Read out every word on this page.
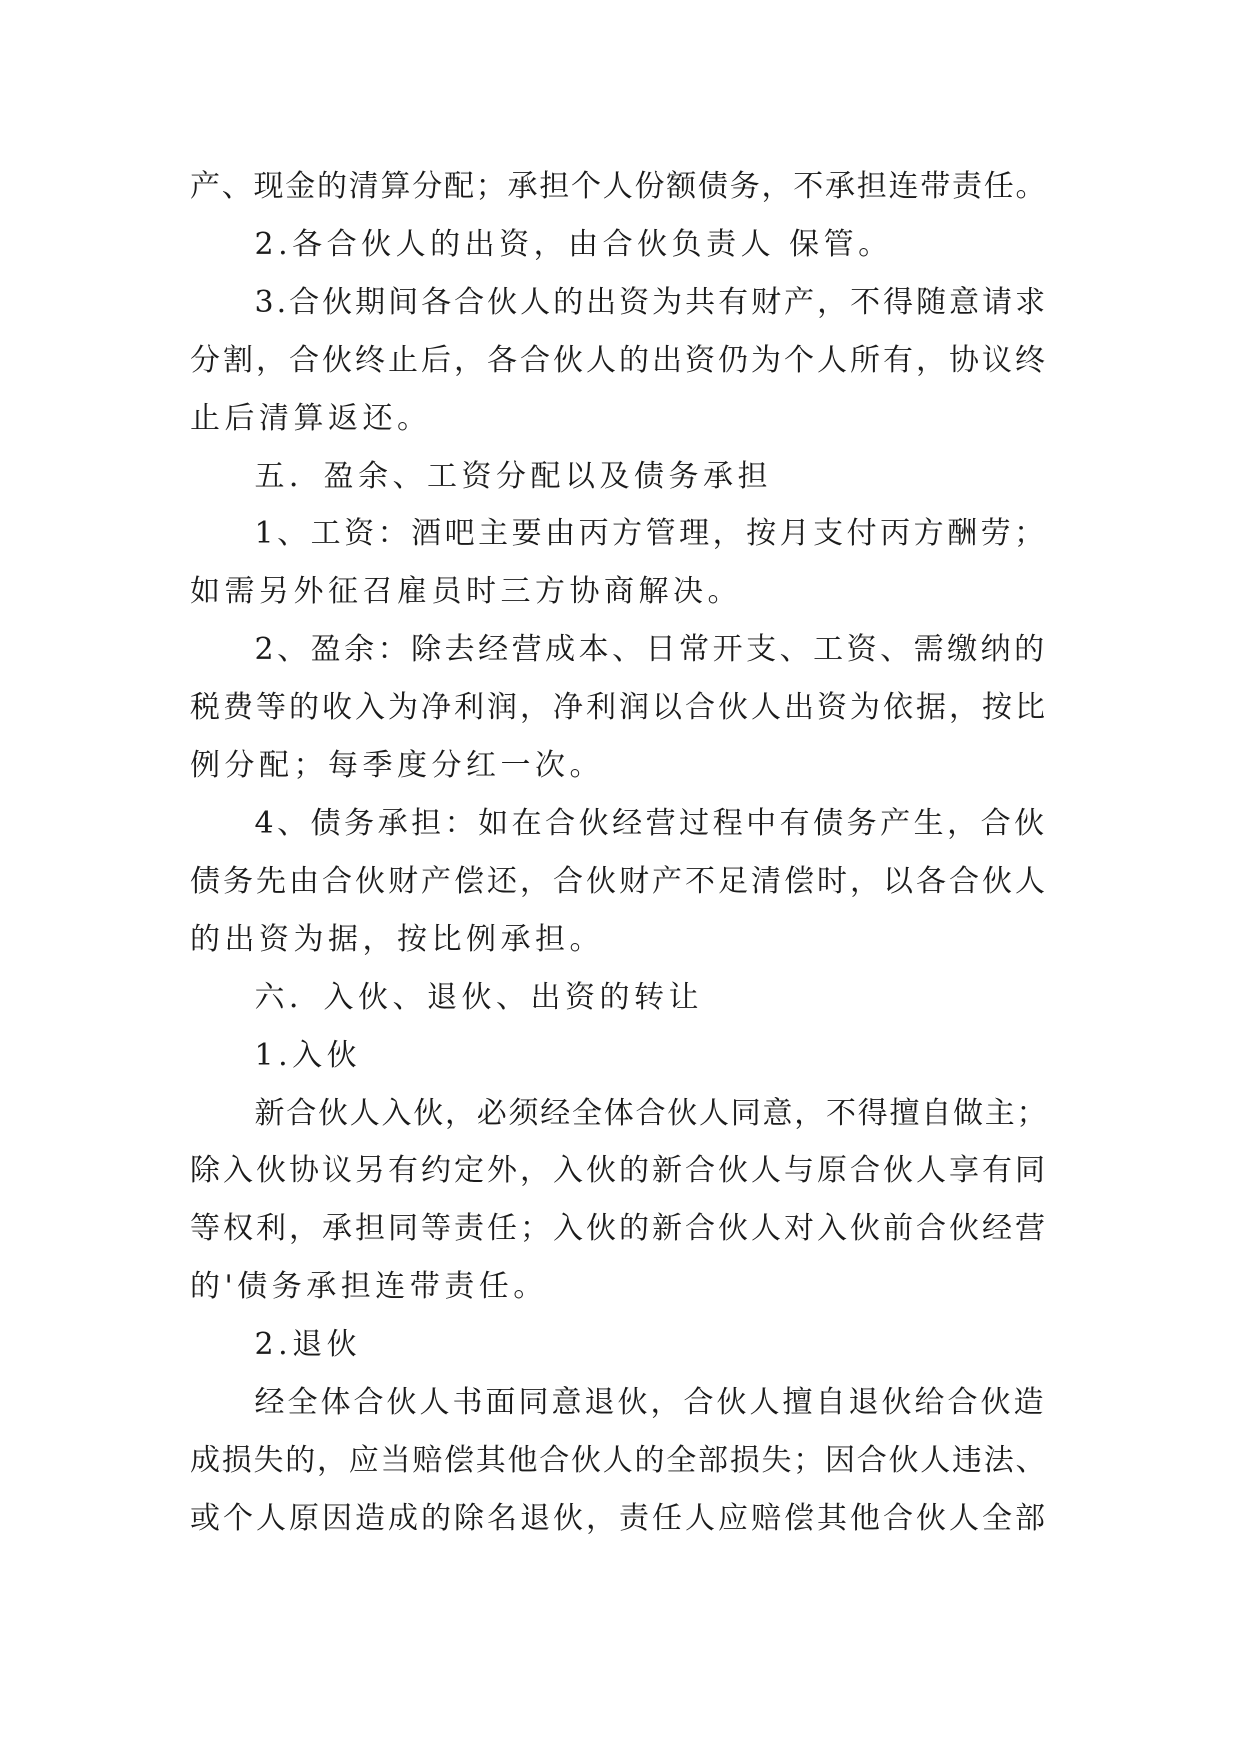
产、现金的清算分配；承担个人份额债务，不承担连带责任。

2.各合伙人的出资，由合伙负责人 保管。

3.合伙期间各合伙人的出资为共有财产，不得随意请求

分割，合伙终止后，各合伙人的出资仍为个人所有，协议终

止后清算返还。

五．盈余、工资分配以及债务承担

1、工资：酒吧主要由丙方管理，按月支付丙方酬劳；

如需另外征召雇员时三方协商解决。

2、盈余：除去经营成本、日常开支、工资、需缴纳的

税费等的收入为净利润，净利润以合伙人出资为依据，按比

例分配；每季度分红一次。

4、债务承担：如在合伙经营过程中有债务产生，合伙

债务先由合伙财产偿还，合伙财产不足清偿时，以各合伙人

的出资为据，按比例承担。

六．入伙、退伙、出资的转让

1.入伙

新合伙人入伙，必须经全体合伙人同意，不得擅自做主；

除入伙协议另有约定外，入伙的新合伙人与原合伙人享有同

等权利，承担同等责任；入伙的新合伙人对入伙前合伙经营

的'债务承担连带责任。

2.退伙

经全体合伙人书面同意退伙，合伙人擅自退伙给合伙造

成损失的，应当赔偿其他合伙人的全部损失；因合伙人违法、

或个人原因造成的除名退伙，责任人应赔偿其他合伙人全部
